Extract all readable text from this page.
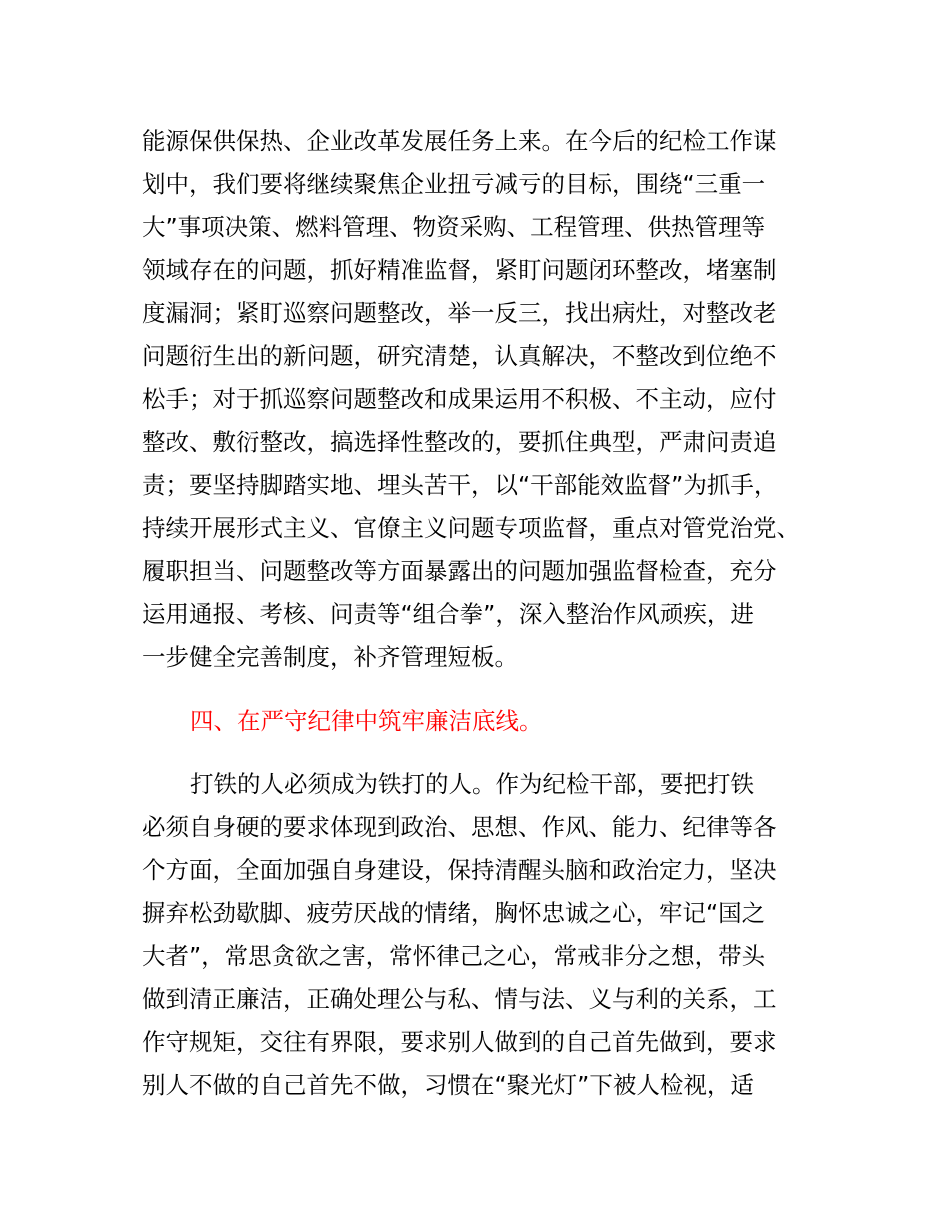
能源保供保热、企业改革发展任务上来。在今后的纪检工作谋
划中，我们要将继续聚焦企业扭亏减亏的目标，围绕“三重一
大”事项决策、燃料管理、物资采购、工程管理、供热管理等
领域存在的问题，抓好精准监督，紧盯问题闭环整改，堵塞制
度漏洞；紧盯巡察问题整改，举一反三，找出病灶，对整改老
问题衍生出的新问题，研究清楚，认真解决，不整改到位绝不
松手；对于抓巡察问题整改和成果运用不积极、不主动，应付
整改、敷衍整改，搞选择性整改的，要抓住典型，严肃问责追
责；要坚持脚踏实地、埋头苦干，以“干部能效监督”为抓手，
持续开展形式主义、官僚主义问题专项监督，重点对管党治党、
履职担当、问题整改等方面暴露出的问题加强监督检查，充分
运用通报、考核、问责等“组合拳”，深入整治作风顽疾，进
一步健全完善制度，补齐管理短板。
四、在严守纪律中筑牢廉洁底线。
打铁的人必须成为铁打的人。作为纪检干部，要把打铁
必须自身硬的要求体现到政治、思想、作风、能力、纪律等各
个方面，全面加强自身建设，保持清醒头脑和政治定力，坚决
摒弃松劲歇脚、疲劳厌战的情绪，胸怀忠诚之心，牢记“国之
大者”，常思贪欲之害，常怀律己之心，常戒非分之想，带头
做到清正廉洁，正确处理公与私、情与法、义与利的关系，工
作守规矩，交往有界限，要求别人做到的自己首先做到，要求
别人不做的自己首先不做，习惯在“聚光灯”下被人检视，适
